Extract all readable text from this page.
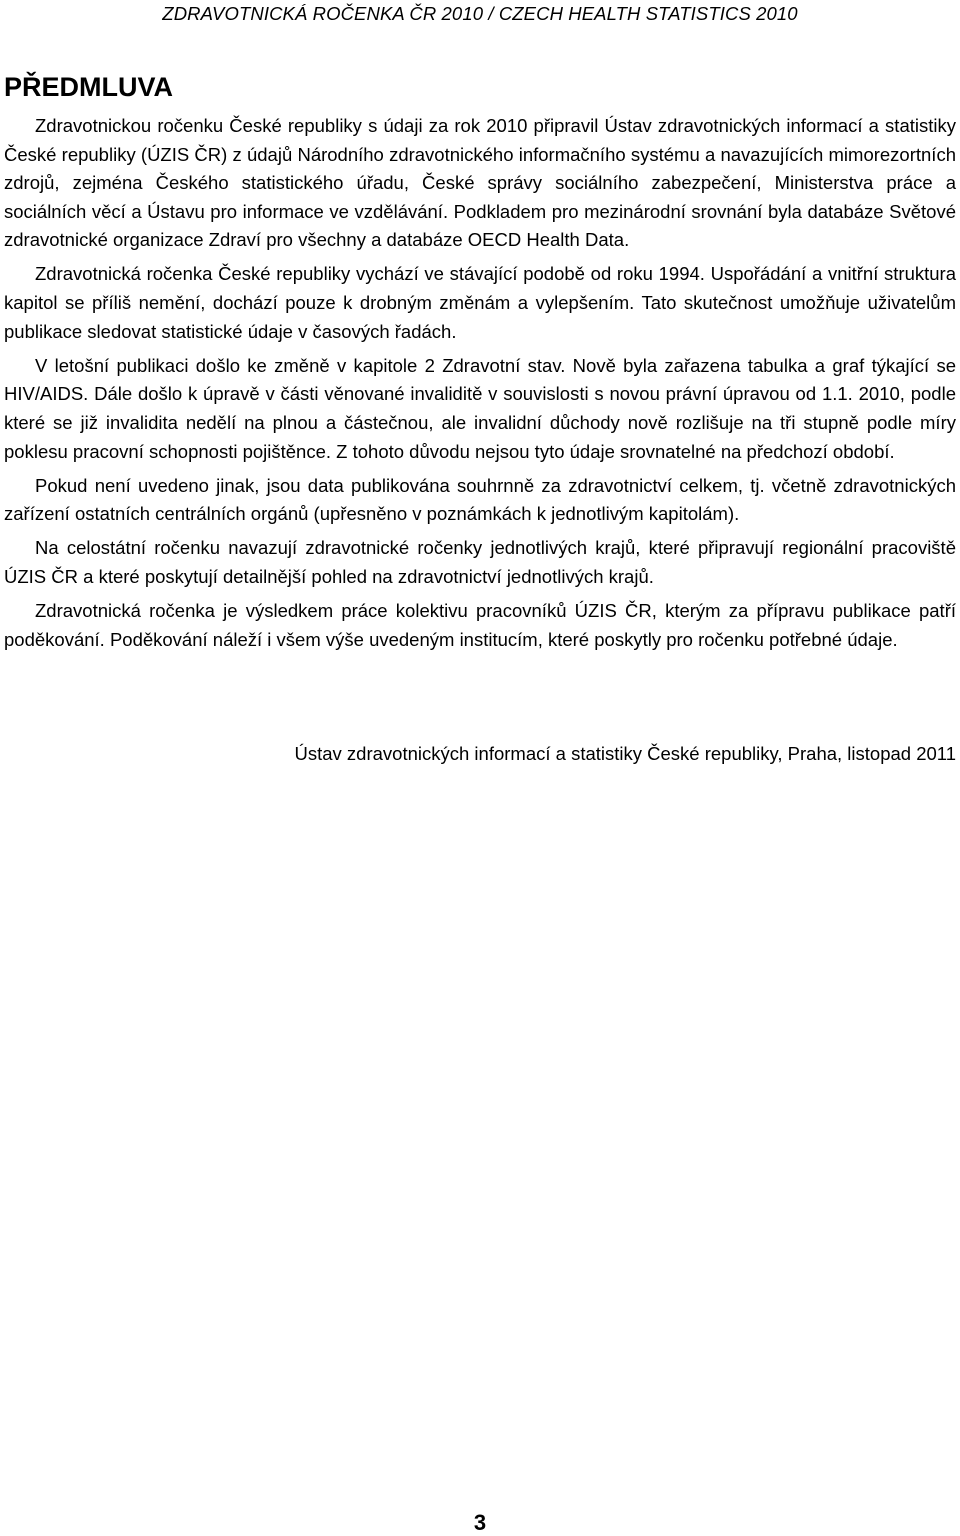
ZDRAVOTNICKÁ ROČENKA ČR 2010 / CZECH HEALTH STATISTICS 2010
PŘEDMLUVA

Zdravotnickou ročenku České republiky s údaji za rok 2010 připravil Ústav zdravotnických informací a statistiky České republiky (ÚZIS ČR) z údajů Národního zdravotnického informačního systému a navazujících mimorezortních zdrojů, zejména Českého statistického úřadu, České správy sociálního zabezpečení, Ministerstva práce a sociálních věcí a Ústavu pro informace ve vzdělávání. Podkladem pro mezinárodní srovnání byla databáze Světové zdravotnické organizace Zdraví pro všechny a databáze OECD Health Data.

Zdravotnická ročenka České republiky vychází ve stávající podobě od roku 1994. Uspořádání a vnitřní struktura kapitol se příliš nemění, dochází pouze k drobným změnám a vylepšením. Tato skutečnost umožňuje uživatelům publikace sledovat statistické údaje v časových řadách.

V letošní publikaci došlo ke změně v kapitole 2 Zdravotní stav. Nově byla zařazena tabulka a graf týkající se HIV/AIDS. Dále došlo k úpravě v části věnované invaliditě v souvislosti s novou právní úpravou od 1.1. 2010, podle které se již invalidita nedělí na plnou a částečnou, ale invalidní důchody nově rozlišuje na tři stupně podle míry poklesu pracovní schopnosti pojištěnce. Z tohoto důvodu nejsou tyto údaje srovnatelné na předchozí období.

Pokud není uvedeno jinak, jsou data publikována souhrnně za zdravotnictví celkem, tj. včetně zdravotnických zařízení ostatních centrálních orgánů (upřesněno v poznámkách k jednotlivým kapitolám).

Na celostátní ročenku navazují zdravotnické ročenky jednotlivých krajů, které připravují regionální pracoviště ÚZIS ČR a které poskytují detailnější pohled na zdravotnictví jednotlivých krajů.

Zdravotnická ročenka je výsledkem práce kolektivu pracovníků ÚZIS ČR, kterým za přípravu publikace patří poděkování. Poděkování náleží i všem výše uvedeným institucím, které poskytly pro ročenku potřebné údaje.

Ústav zdravotnických informací a statistiky České republiky, Praha, listopad 2011
3
